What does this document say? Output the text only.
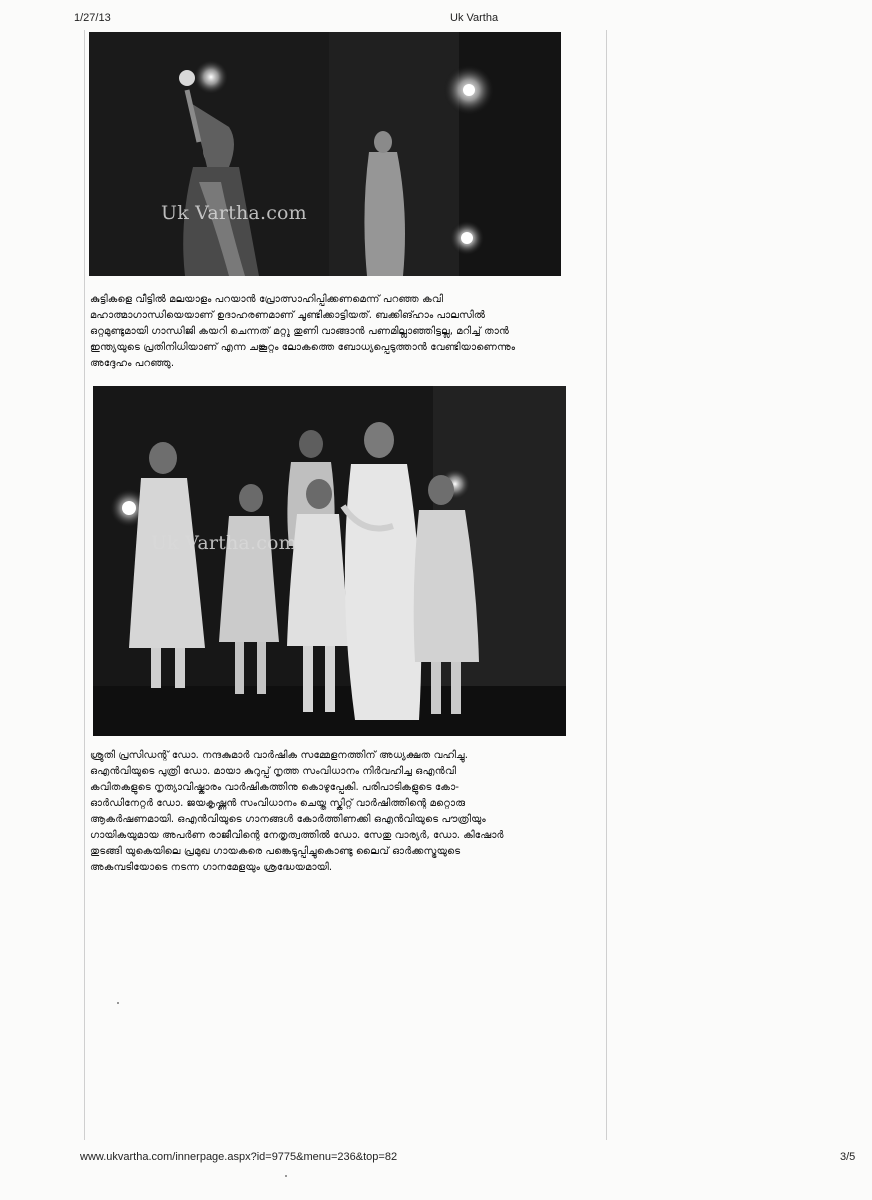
1/27/13	Uk Vartha
Uk Vartha.com

കുട്ടികളെ വീട്ടിൽ മലയാളം പറയാൻ പ്രോത്സാഹിപ്പിക്കണമെന്ന് പറഞ്ഞ കവി

മഹാത്മാഗാന്ധിയെയാണ് ഉദാഹരണമാണ് ചൂണ്ടിക്കാട്ടിയത്. ബക്കിങ്ഹാം പാലസിൽ

ഒറ്റമുണ്ടുമായി ഗാന്ധിജി കയറി ചെന്നത് മറ്റു തുണി വാങ്ങാൻ പണമില്ലാഞ്ഞിട്ടല്ല, മറിച്ച് താൻ

ഇന്ത്യയുടെ പ്രതിനിധിയാണ് എന്ന ചങ്കൂറ്റം ലോകത്തെ ബോധ്യപ്പെടുത്താൻ വേണ്ടിയാണെന്നും

അദ്ദേഹം പറഞ്ഞു.

Uk Vartha.com

ശ്രുതി പ്രസിഡന്റ് ഡോ. നന്ദകുമാർ വാർഷിക സമ്മേളനത്തിന് അധ്യക്ഷത വഹിച്ചു.

ഒഎൻവിയുടെ പുത്രി ഡോ. മായാ കുറുപ്പ് നൃത്ത സംവിധാനം നിർവഹിച്ച ഒഎൻവി

കവിതകളുടെ നൃത്യാവിഷ്കാരം വാർഷികത്തിനു കൊഴുപ്പേകി. പരിപാടികളുടെ കോ-

ഓർഡിനേറ്റർ ഡോ. ജയകൃഷ്ണൻ സംവിധാനം ചെയ്ത സ്കിറ്റ് വാർഷിത്തിന്റെ മറ്റൊരു

ആകർഷണമായി. ഒഎൻവിയുടെ ഗാനങ്ങൾ കോർത്തിണക്കി ഒഎൻവിയുടെ പൗത്രിയും

ഗായികയുമായ അപർണ രാജീവിന്റെ നേതൃത്വത്തിൽ ഡോ. സേതു വാര്യർ, ഡോ. കിഷോർ

തുടങ്ങി യുകെയിലെ പ്രമുഖ ഗായകരെ പങ്കെടുപ്പിച്ചുകൊണ്ടു ലൈവ് ഓർക്കസ്ട്രയുടെ

അകമ്പടിയോടെ നടന്ന ഗാനമേളയും ശ്രദ്ധേയമായി.

www.ukvartha.com/innerpage.aspx?id=9775&menu=236&top=82	3/5
